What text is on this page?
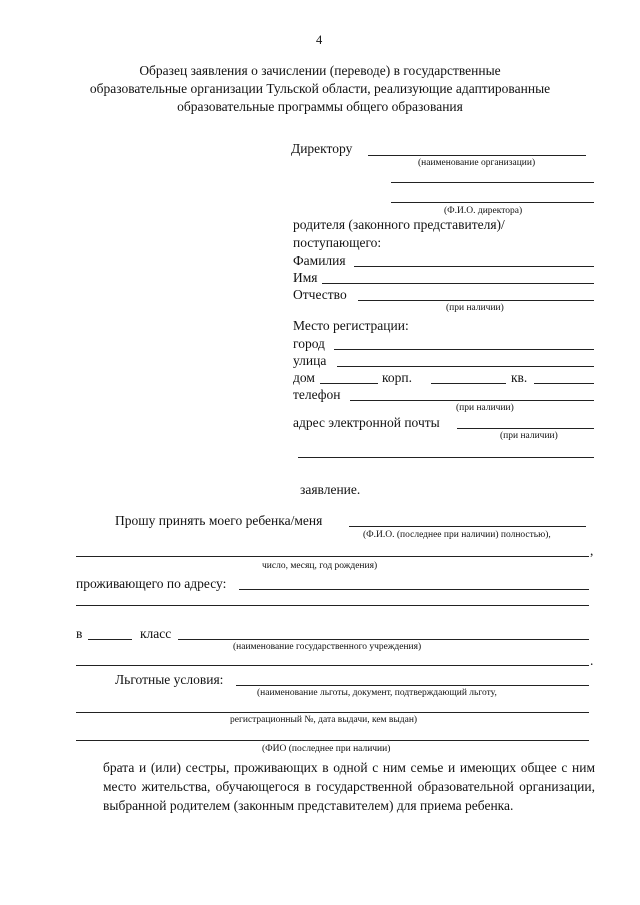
4
Образец заявления о зачислении (переводе) в государственные
образовательные организации Тульской области, реализующие адаптированные
образовательные программы общего образования
Директору
(наименование организации)
(Ф.И.О. директора)
родителя (законного представителя)/
поступающего:
Фамилия
Имя
Отчество
(при наличии)
Место регистрации:
город
улица
дом	корп.	кв.
телефон
(при наличии)
адрес электронной почты
(при наличии)
заявление.
Прошу принять моего ребенка/меня
(Ф.И.О. (последнее при наличии) полностью),
,
число, месяц, год рождения)
проживающего по адресу:
в	класс
(наименование государственного учреждения)
.
Льготные условия:
(наименование льготы, документ, подтверждающий льготу,
регистрационный №, дата выдачи, кем выдан)
(ФИО (последнее при наличии)
брата и (или) сестры, проживающих в одной с ним семье и имеющих общее с ним место жительства, обучающегося в государственной образовательной организации, выбранной родителем (законным представителем) для приема ребенка.
